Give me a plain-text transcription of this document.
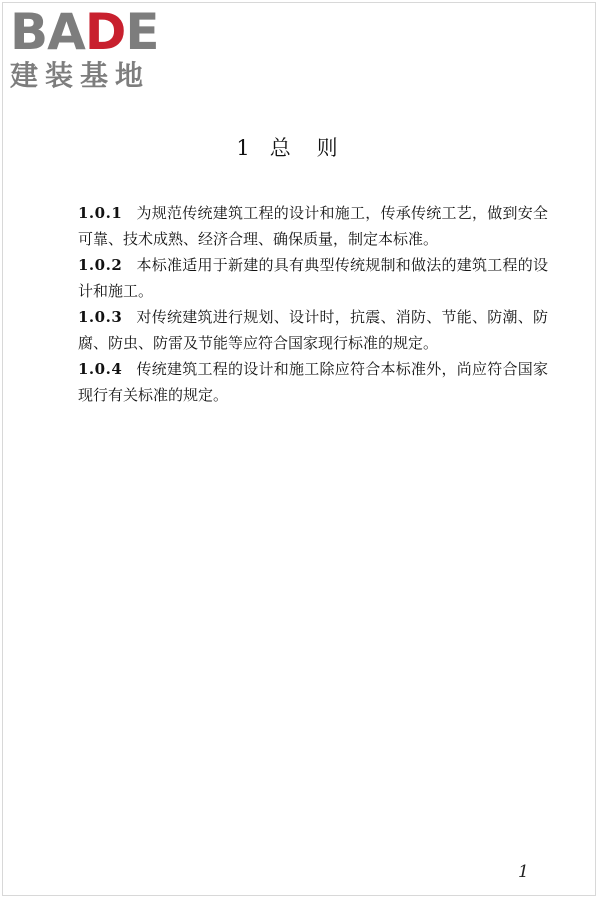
BADE
建装基地
1 总则

1.0.1 为规范传统建筑工程的设计和施工，传承传统工艺，做到安全可靠、技术成熟、经济合理、确保质量，制定本标准。

1.0.2 本标准适用于新建的具有典型传统规制和做法的建筑工程的设计和施工。

1.0.3 对传统建筑进行规划、设计时，抗震、消防、节能、防潮、防腐、防虫、防雷及节能等应符合国家现行标准的规定。

1.0.4 传统建筑工程的设计和施工除应符合本标准外，尚应符合国家现行有关标准的规定。

1
